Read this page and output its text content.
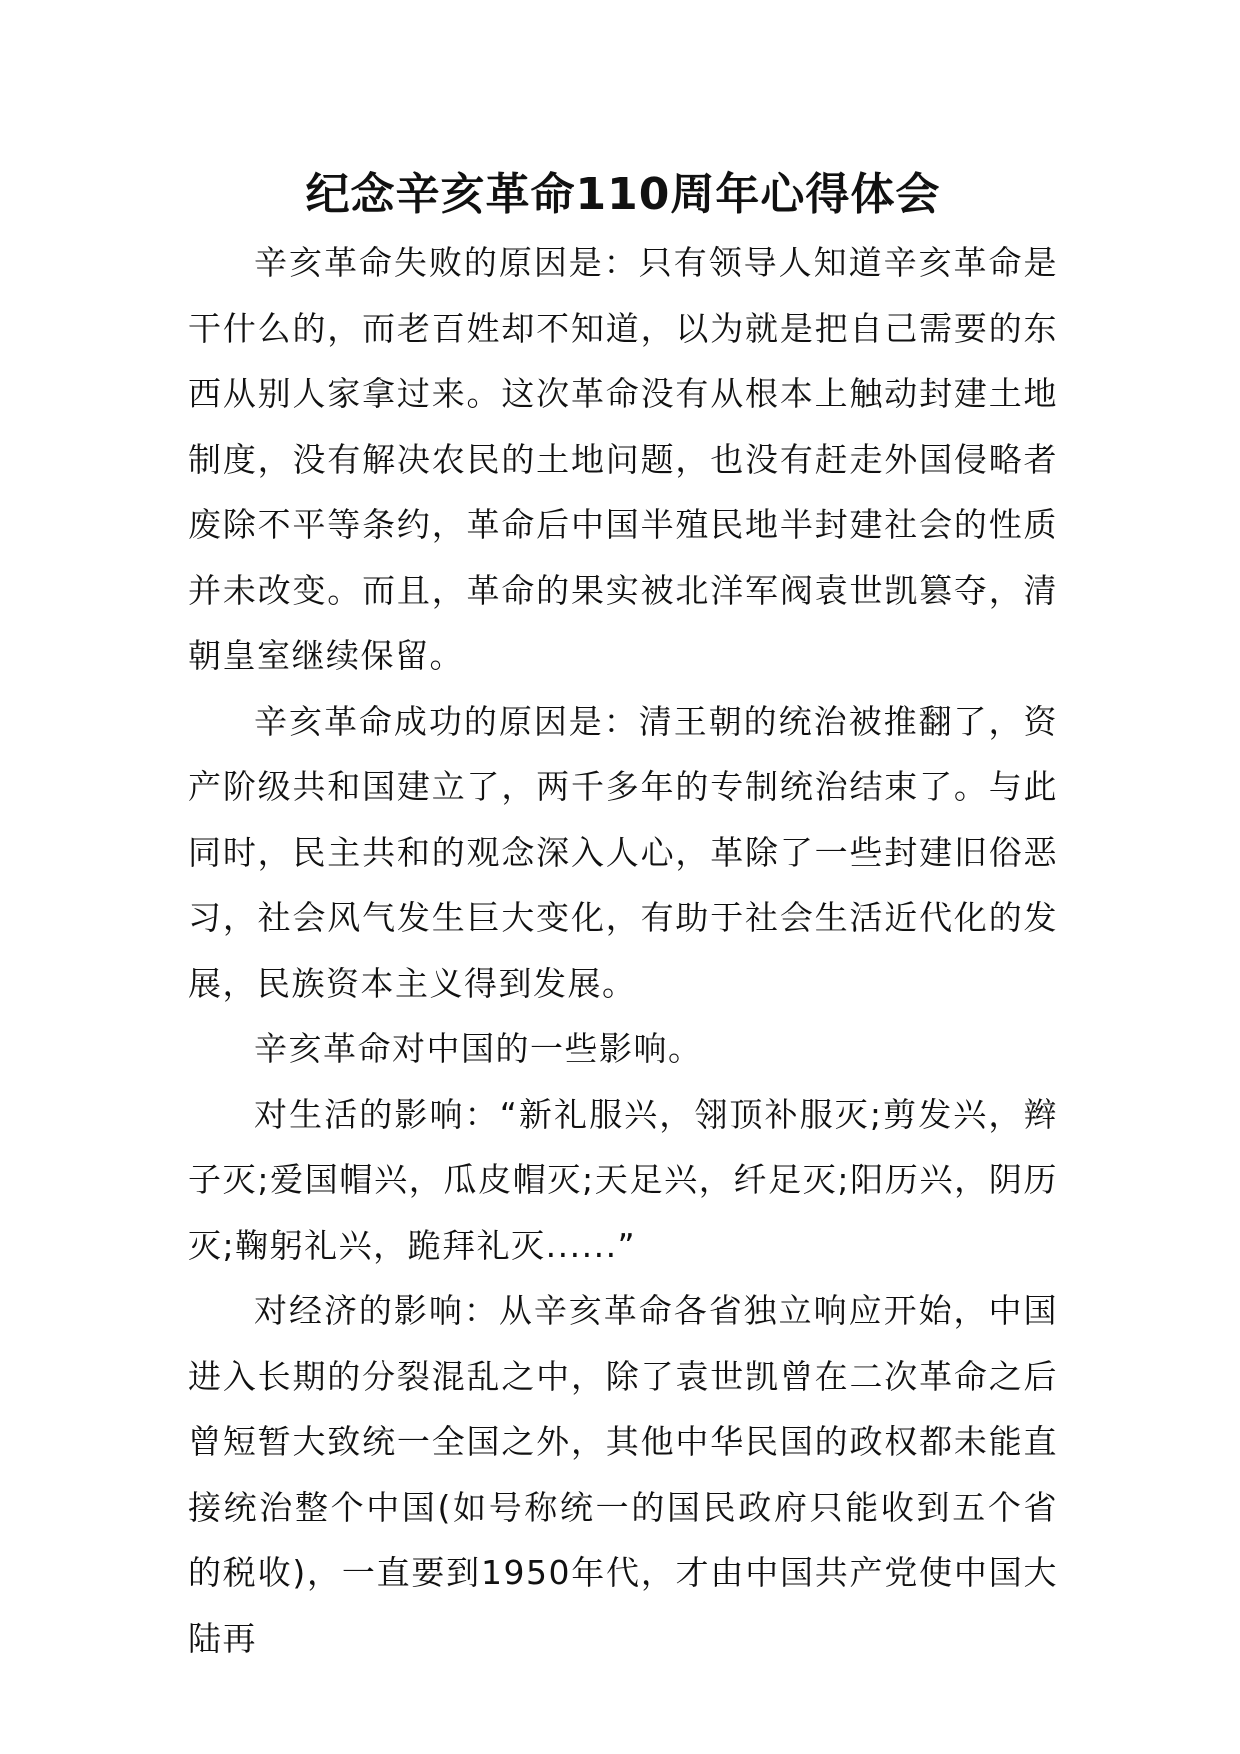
纪念辛亥革命110周年心得体会

辛亥革命失败的原因是：只有领导人知道辛亥革命是干什么的，而老百姓却不知道，以为就是把自己需要的东西从别人家拿过来。这次革命没有从根本上触动封建土地制度，没有解决农民的土地问题，也没有赶走外国侵略者废除不平等条约，革命后中国半殖民地半封建社会的性质并未改变。而且，革命的果实被北洋军阀袁世凯篡夺，清朝皇室继续保留。

辛亥革命成功的原因是：清王朝的统治被推翻了，资产阶级共和国建立了，两千多年的专制统治结束了。与此同时，民主共和的观念深入人心，革除了一些封建旧俗恶习，社会风气发生巨大变化，有助于社会生活近代化的发展，民族资本主义得到发展。

辛亥革命对中国的一些影响。

对生活的影响：“新礼服兴，翎顶补服灭;剪发兴，辫子灭;爱国帽兴，瓜皮帽灭;天足兴，纤足灭;阳历兴，阴历灭;鞠躬礼兴，跪拜礼灭......”

对经济的影响：从辛亥革命各省独立响应开始，中国进入长期的分裂混乱之中，除了袁世凯曾在二次革命之后曾短暂大致统一全国之外，其他中华民国的政权都未能直接统治整个中国(如号称统一的国民政府只能收到五个省的税收)，一直要到1950年代，才由中国共产党使中国大陆再
